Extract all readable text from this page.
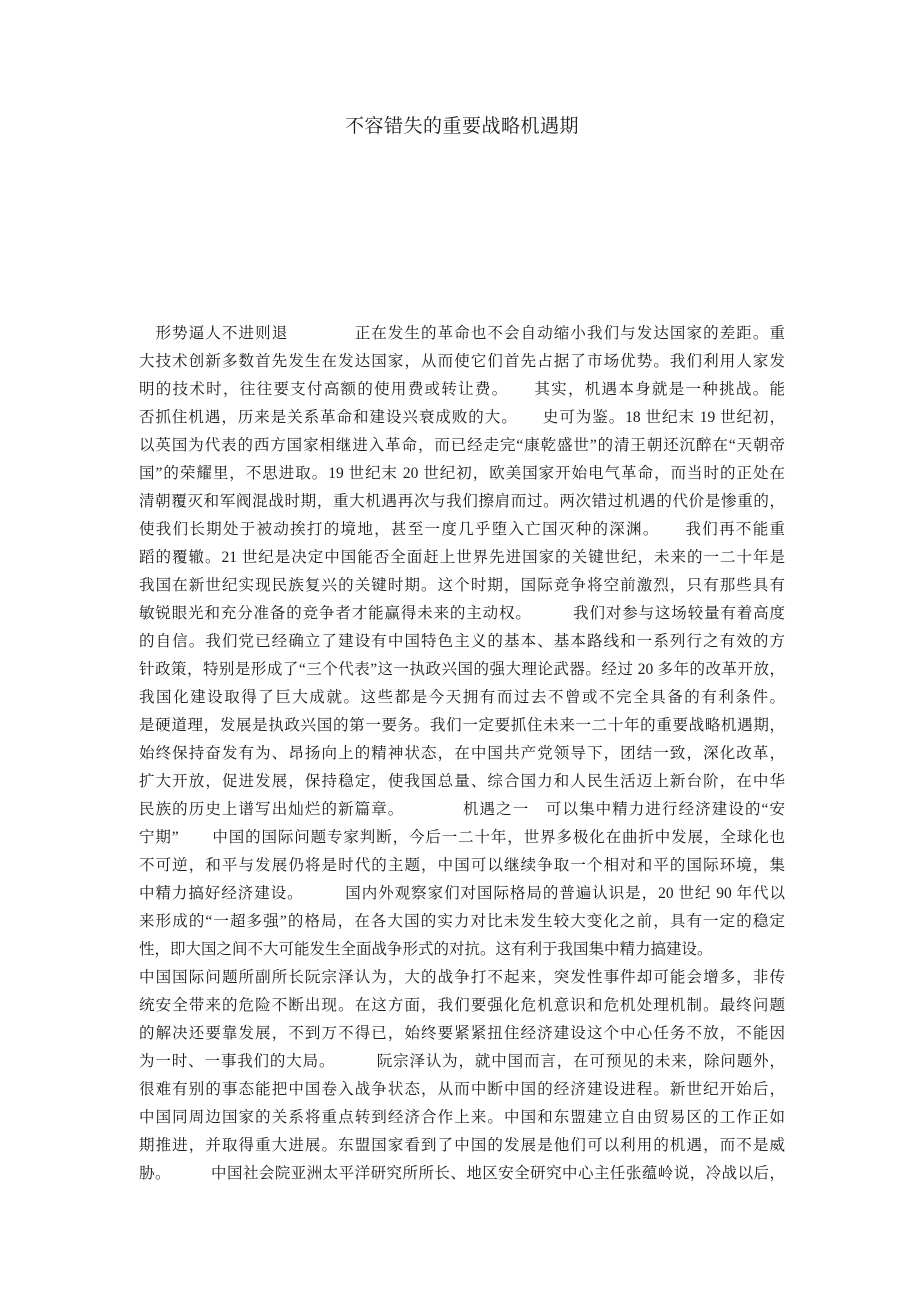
不容错失的重要战略机遇期
　形势逼人不进则退　　　　正在发生的革命也不会自动缩小我们与发达国家的差距。重
大技术创新多数首先发生在发达国家，从而使它们首先占据了市场优势。我们利用人家发
明的技术时，往往要支付高额的使用费或转让费。　　其实，机遇本身就是一种挑战。能
否抓住机遇，历来是关系革命和建设兴衰成败的大。　　史可为鉴。18 世纪末 19 世纪初，
以英国为代表的西方国家相继进入革命，而已经走完“康乾盛世”的清王朝还沉醉在“天朝帝
国”的荣耀里，不思进取。19 世纪末 20 世纪初，欧美国家开始电气革命，而当时的正处在
清朝覆灭和军阀混战时期，重大机遇再次与我们擦肩而过。两次错过机遇的代价是惨重的，
使我们长期处于被动挨打的境地，甚至一度几乎堕入亡国灭种的深渊。　　我们再不能重
蹈的覆辙。21 世纪是决定中国能否全面赶上世界先进国家的关键世纪，未来的一二十年是
我国在新世纪实现民族复兴的关键时期。这个时期，国际竞争将空前激烈，只有那些具有
敏锐眼光和充分准备的竞争者才能赢得未来的主动权。　　　我们对参与这场较量有着高度
的自信。我们党已经确立了建设有中国特色主义的基本、基本路线和一系列行之有效的方
针政策，特别是形成了“三个代表”这一执政兴国的强大理论武器。经过 20 多年的改革开放，
我国化建设取得了巨大成就。这些都是今天拥有而过去不曾或不完全具备的有利条件。
是硬道理，发展是执政兴国的第一要务。我们一定要抓住未来一二十年的重要战略机遇期，
始终保持奋发有为、昂扬向上的精神状态，在中国共产党领导下，团结一致，深化改革，
扩大开放，促进发展，保持稳定，使我国总量、综合国力和人民生活迈上新台阶，在中华
民族的历史上谱写出灿烂的新篇章。　　　　机遇之一　可以集中精力进行经济建设的“安
宁期”　　中国的国际问题专家判断，今后一二十年，世界多极化在曲折中发展，全球化也
不可逆，和平与发展仍将是时代的主题，中国可以继续争取一个相对和平的国际环境，集
中精力搞好经济建设。　　　国内外观察家们对国际格局的普遍认识是，20 世纪 90 年代以
来形成的“一超多强”的格局，在各大国的实力对比未发生较大变化之前，具有一定的稳定
性，即大国之间不大可能发生全面战争形式的对抗。这有利于我国集中精力搞建设。
中国国际问题所副所长阮宗泽认为，大的战争打不起来，突发性事件却可能会增多，非传
统安全带来的危险不断出现。在这方面，我们要强化危机意识和危机处理机制。最终问题
的解决还要靠发展，不到万不得已，始终要紧紧扭住经济建设这个中心任务不放，不能因
为一时、一事我们的大局。　　　阮宗泽认为，就中国而言，在可预见的未来，除问题外，
很难有别的事态能把中国卷入战争状态，从而中断中国的经济建设进程。新世纪开始后，
中国同周边国家的关系将重点转到经济合作上来。中国和东盟建立自由贸易区的工作正如
期推进，并取得重大进展。东盟国家看到了中国的发展是他们可以利用的机遇，而不是威
胁。　　　中国社会院亚洲太平洋研究所所长、地区安全研究中心主任张蕴岭说，冷战以后，
